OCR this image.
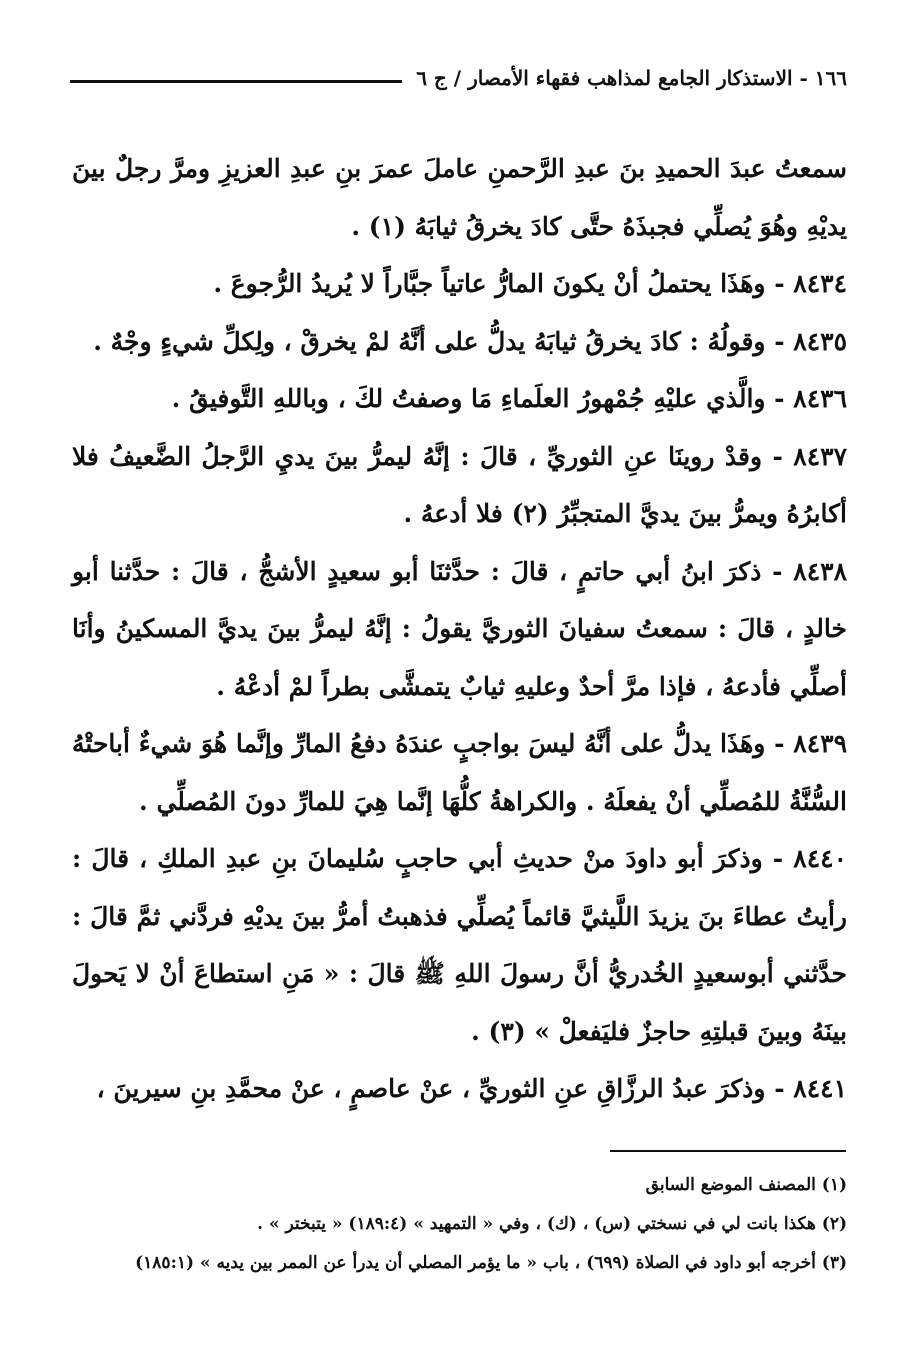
١٦٦ - الاستذكار الجامع لمذاهب فقهاء الأمصار / ج ٦

سمعتُ عبدَ الحميدِ بنَ عبدِ الرَّحمنِ عاملَ عمرَ بنِ عبدِ العزيزِ ومرَّ رجلٌ بينَ يديْهِ وهُوَ يُصلِّي فجبذَهُ حتَّى كادَ يخرقُ ثيابَهُ (١) .

٨٤٣٤ - وهَذَا يحتملُ أنْ يكونَ المارُّ عاتياً جبَّاراً لا يُريدُ الرُّجوعَ .

٨٤٣٥ - وقولُهُ : كادَ يخرقُ ثيابَهُ يدلُّ على أنَّهُ لمْ يخرقْ ، ولِكلِّ شيءٍ وجْهٌ .

٨٤٣٦ - والَّذي عليْهِ جُمْهورُ العلَماءِ مَا وصفتُ لكَ ، وباللهِ التَّوفيقُ .

٨٤٣٧ - وقدْ روينَا عنِ الثوريِّ ، قالَ : إنَّهُ ليمرُّ بينَ يديِ الرَّجلُ الضَّعيفُ فلا أكابرُهُ ويمرُّ بينَ يديَّ المتجبِّرُ (٢) فلا أدعهُ .

٨٤٣٨ - ذكرَ ابنُ أبي حاتمٍ ، قالَ : حدَّثنَا أبو سعيدٍ الأشجُّ ، قالَ : حدَّثنا أبو خالدٍ ، قالَ : سمعتُ سفيانَ الثوريَّ يقولُ : إنَّهُ ليمرُّ بينَ يديَّ المسكينُ وأنَا أصلِّي فأدعهُ ، فإذا مرَّ أحدٌ وعليهِ ثيابٌ يتمشَّى بطراً لمْ أدعْهُ .

٨٤٣٩ - وهَذَا يدلُّ على أنَّهُ ليسَ بواجبٍ عندَهُ دفعُ المارِّ وإنَّما هُوَ شيءٌ أباحتْهُ السُّنَّةُ للمُصلِّي أنْ يفعلَهُ . والكراهةُ كلُّهَا إنَّما هِيَ للمارِّ دونَ المُصلِّي .

٨٤٤٠ - وذكرَ أبو داودَ منْ حديثِ أبي حاجبٍ سُليمانَ بنِ عبدِ الملكِ ، قالَ : رأيتُ عطاءَ بنَ يزيدَ اللَّيثيَّ قائماً يُصلِّي فذهبتُ أمرُّ بينَ يديْهِ فردَّني ثمَّ قالَ : حدَّثني أبوسعيدٍ الخُدريُّ أنَّ رسولَ اللهِ ﷺ قالَ : « مَنِ استطاعَ أنْ لا يَحولَ بينَهُ وبينَ قبلتِهِ حاجزٌ فليَفعلْ » (٣) .

٨٤٤١ - وذكرَ عبدُ الرزَّاقِ عنِ الثوريِّ ، عنْ عاصمٍ ، عنْ محمَّدِ بنِ سيرينَ ،

(١) المصنف الموضع السابق

(٢) هكذا بانت لي في نسختي (س) ، (ك) ، وفي « التمهيد » (١٨٩:٤) « يتبختر » .

(٣) أخرجه أبو داود في الصلاة (٦٩٩) ، باب « ما يؤمر المصلي أن يدرأ عن الممر بين يديه » (١٨٥:١)
